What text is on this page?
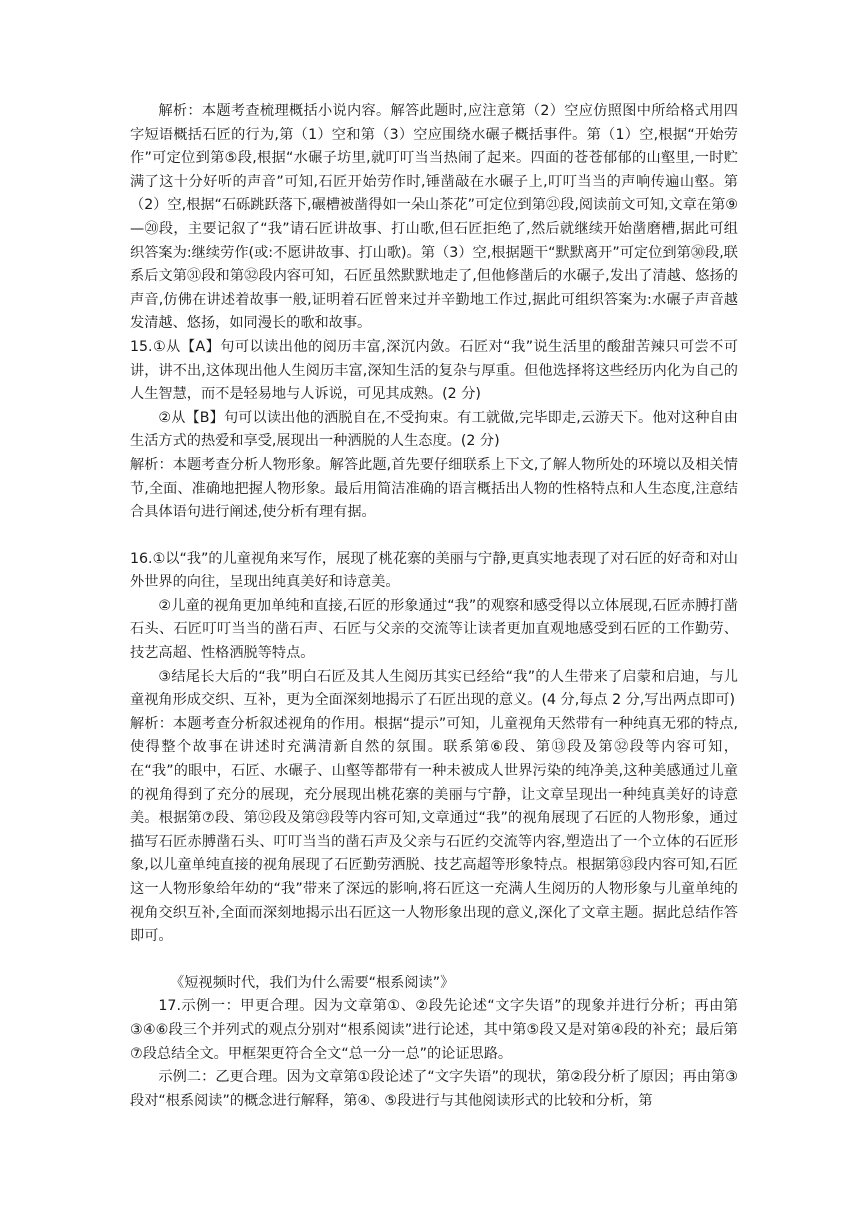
解析：本题考查梳理概括小说内容。解答此题时,应注意第（2）空应仿照图中所给格式用四字短语概括石匠的行为,第（1）空和第（3）空应围绕水碾子概括事件。第（1）空,根据“开始劳作”可定位到第⑤段,根据“水碾子坊里,就叮叮当当热闹了起来。四面的苍苍郁郁的山壑里,一时贮满了这十分好听的声音”可知,石匠开始劳作时,锤凿敲在水碾子上,叮叮当当的声响传遍山壑。第（2）空,根据“石砾跳跃落下,碾槽被凿得如一朵山茶花”可定位到第㉑段,阅读前文可知,文章在第⑨—⑳段，主要记叙了“我”请石匠讲故事、打山歌,但石匠拒绝了,然后就继续开始凿磨槽,据此可组织答案为:继续劳作(或:不愿讲故事、打山歌)。第（3）空,根据题干“默默离开”可定位到第㉚段,联系后文第㉛段和第㉜段内容可知，石匠虽然默默地走了,但他修凿后的水碾子,发出了清越、悠扬的声音,仿佛在讲述着故事一般,证明着石匠曾来过并辛勤地工作过,据此可组织答案为:水碾子声音越发清越、悠扬，如同漫长的歌和故事。

15.①从【A】句可以读出他的阅历丰富,深沉内敛。石匠对“我”说生活里的酸甜苦辣只可尝不可讲，讲不出,这体现出他人生阅历丰富,深知生活的复杂与厚重。但他选择将这些经历内化为自己的人生智慧，而不是轻易地与人诉说，可见其成熟。(2 分)

②从【B】句可以读出他的洒脱自在,不受拘束。有工就做,完毕即走,云游天下。他对这种自由生活方式的热爱和享受,展现出一种洒脱的人生态度。(2 分)

解析：本题考查分析人物形象。解答此题,首先要仔细联系上下文,了解人物所处的环境以及相关情节,全面、准确地把握人物形象。最后用简洁准确的语言概括出人物的性格特点和人生态度,注意结合具体语句进行阐述,使分析有理有据。

16.①以“我”的儿童视角来写作，展现了桃花寨的美丽与宁静,更真实地表现了对石匠的好奇和对山外世界的向往，呈现出纯真美好和诗意美。

②儿童的视角更加单纯和直接,石匠的形象通过“我”的观察和感受得以立体展现,石匠赤膊打凿石头、石匠叮叮当当的凿石声、石匠与父亲的交流等让读者更加直观地感受到石匠的工作勤劳、技艺高超、性格洒脱等特点。

③结尾长大后的“我”明白石匠及其人生阅历其实已经给“我”的人生带来了启蒙和启迪，与儿童视角形成交织、互补，更为全面深刻地揭示了石匠出现的意义。(4 分,每点 2 分,写出两点即可)

解析：本题考查分析叙述视角的作用。根据“提示”可知，儿童视角天然带有一种纯真无邪的特点,使得整个故事在讲述时充满清新自然的氛围。联系第⑥段、第⑬段及第㉜段等内容可知，在“我”的眼中，石匠、水碾子、山壑等都带有一种未被成人世界污染的纯净美,这种美感通过儿童的视角得到了充分的展现，充分展现出桃花寨的美丽与宁静，让文章呈现出一种纯真美好的诗意美。根据第⑦段、第⑫段及第㉓段等内容可知,文章通过“我”的视角展现了石匠的人物形象，通过描写石匠赤膊凿石头、叮叮当当的凿石声及父亲与石匠约交流等内容,塑造出了一个立体的石匠形象,以儿童单纯直接的视角展现了石匠勤劳洒脱、技艺高超等形象特点。根据第㉝段内容可知,石匠这一人物形象给年幼的“我”带来了深远的影响,将石匠这一充满人生阅历的人物形象与儿童单纯的视角交织互补,全面而深刻地揭示出石匠这一人物形象出现的意义,深化了文章主题。据此总结作答即可。

《短视频时代，我们为什么需要“根系阅读”》

17.示例一：甲更合理。因为文章第①、②段先论述“文字失语”的现象并进行分析；再由第③④⑥段三个并列式的观点分别对“根系阅读”进行论述，其中第⑤段又是对第④段的补充；最后第⑦段总结全文。甲框架更符合全文“总一分一总”的论证思路。

示例二：乙更合理。因为文章第①段论述了“文字失语”的现状，第②段分析了原因；再由第③段对“根系阅读”的概念进行解释，第④、⑤段进行与其他阅读形式的比较和分析，第
